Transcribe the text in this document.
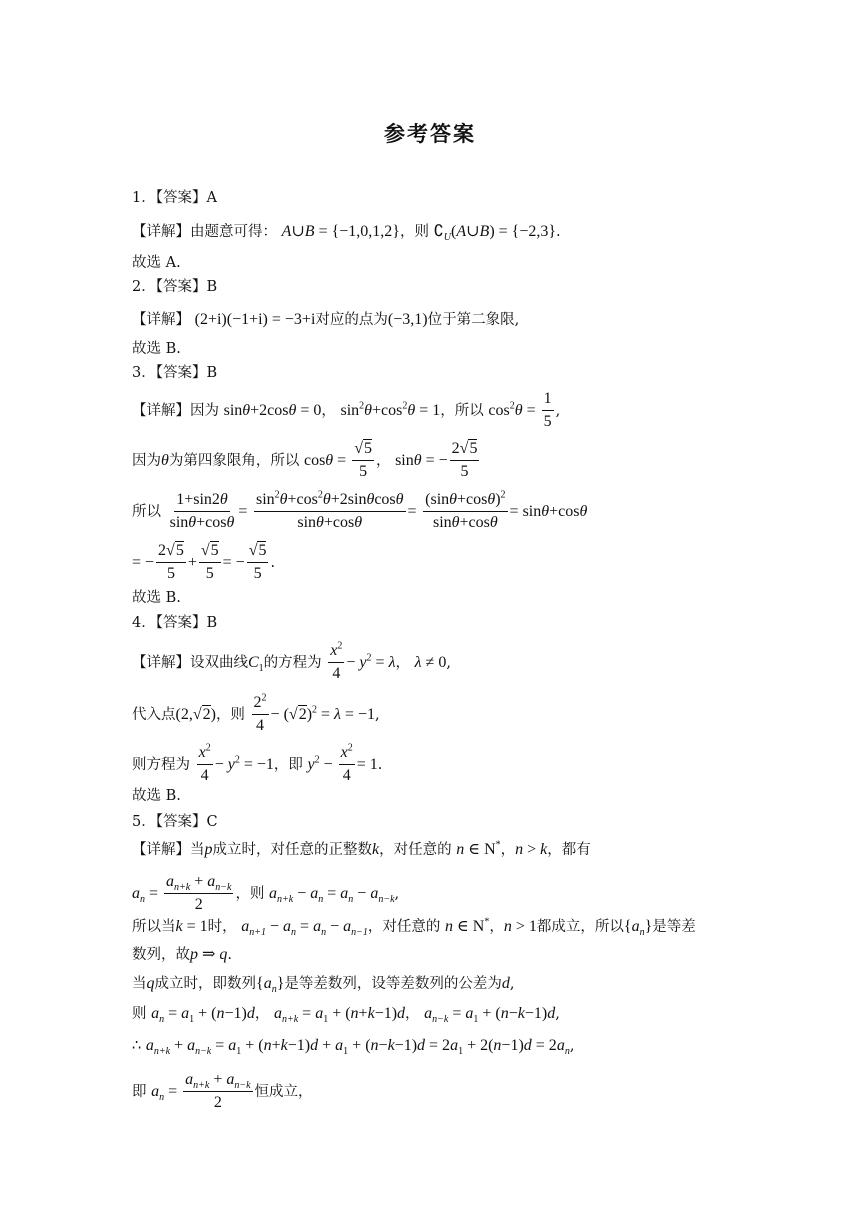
参考答案
1．【答案】A
【详解】由题意可得： A∪B = {−1,0,1,2}，则 $∁_U(A\cup B) = \{-2,3\}$.
故选 A.
2．【答案】B
【详解】 (2+i)(−1+i) = −3+i对应的点为(−3,1)位于第二象限,
故选 B.
3．【答案】B
【详解】因为 sinθ+2cosθ = 0， $\sin^2\theta+\cos^2\theta = 1$，所以 $\cos^2\theta = \frac{1}{5}$ ,
因为θ为第四象限角，所以 $\cos\theta = \frac{√5}{5}$ ， sinθ = − $\frac{2√5}{5}$
所以 $\frac{1+\sin 2\theta}{\sin\theta+\cos\theta} = \frac{\sin^2\theta+\cos^2\theta+2\sin\theta\cos\theta}{\sin\theta+\cos\theta} = \frac{(\sin\theta+\cos\theta)^2}{\sin\theta+\cos\theta} = \sin\theta+\cos\theta$
= − $\frac{2√5}{5} + \frac{√5}{5}$ = − $\frac{√5}{5}$ .
故选 B.
4．【答案】B
【详解】设双曲线$C_1$的方程为 $\frac{x^2}{4} - y^2 = \lambda$， λ ≠ 0,
代入点(2,√2)，则 $\frac{2^2}{4} - (√2)^2 = \lambda = -1$,
则方程为 $\frac{x^2}{4} - y^2 = -1$，即 $y^2 - \frac{x^2}{4} = 1$.
故选 B.
5．【答案】C
【详解】当p成立时，对任意的正整数k，对任意的 n ∈ N*，n > k，都有
$a_n = \frac{a_{n+k} + a_{n-k}}{2}$ ，则 $a_{n+k} - a_n = a_n - a_{n-k}$,
所以当k = 1时， $a_{n+1} - a_n = a_n - a_{n-1}$，对任意的 n ∈ N*，n > 1都成立，所以$\{a_n\}$是等差
数列，故p ⇒ q.
当q成立时，即数列$\{a_n\}$是等差数列，设等差数列的公差为d,
则 $a_n = a_1 + (n-1)d$， $a_{n+k} = a_1 + (n+k-1)d$， $a_{n-k} = a_1 + (n-k-1)d$,
∴ $a_{n+k} + a_{n-k} = a_1 + (n+k-1)d + a_1 + (n-k-1)d = 2a_1 + 2(n-1)d = 2a_n$,
即 $a_n = \frac{a_{n+k} + a_{n-k}}{2}$ 恒成立，
